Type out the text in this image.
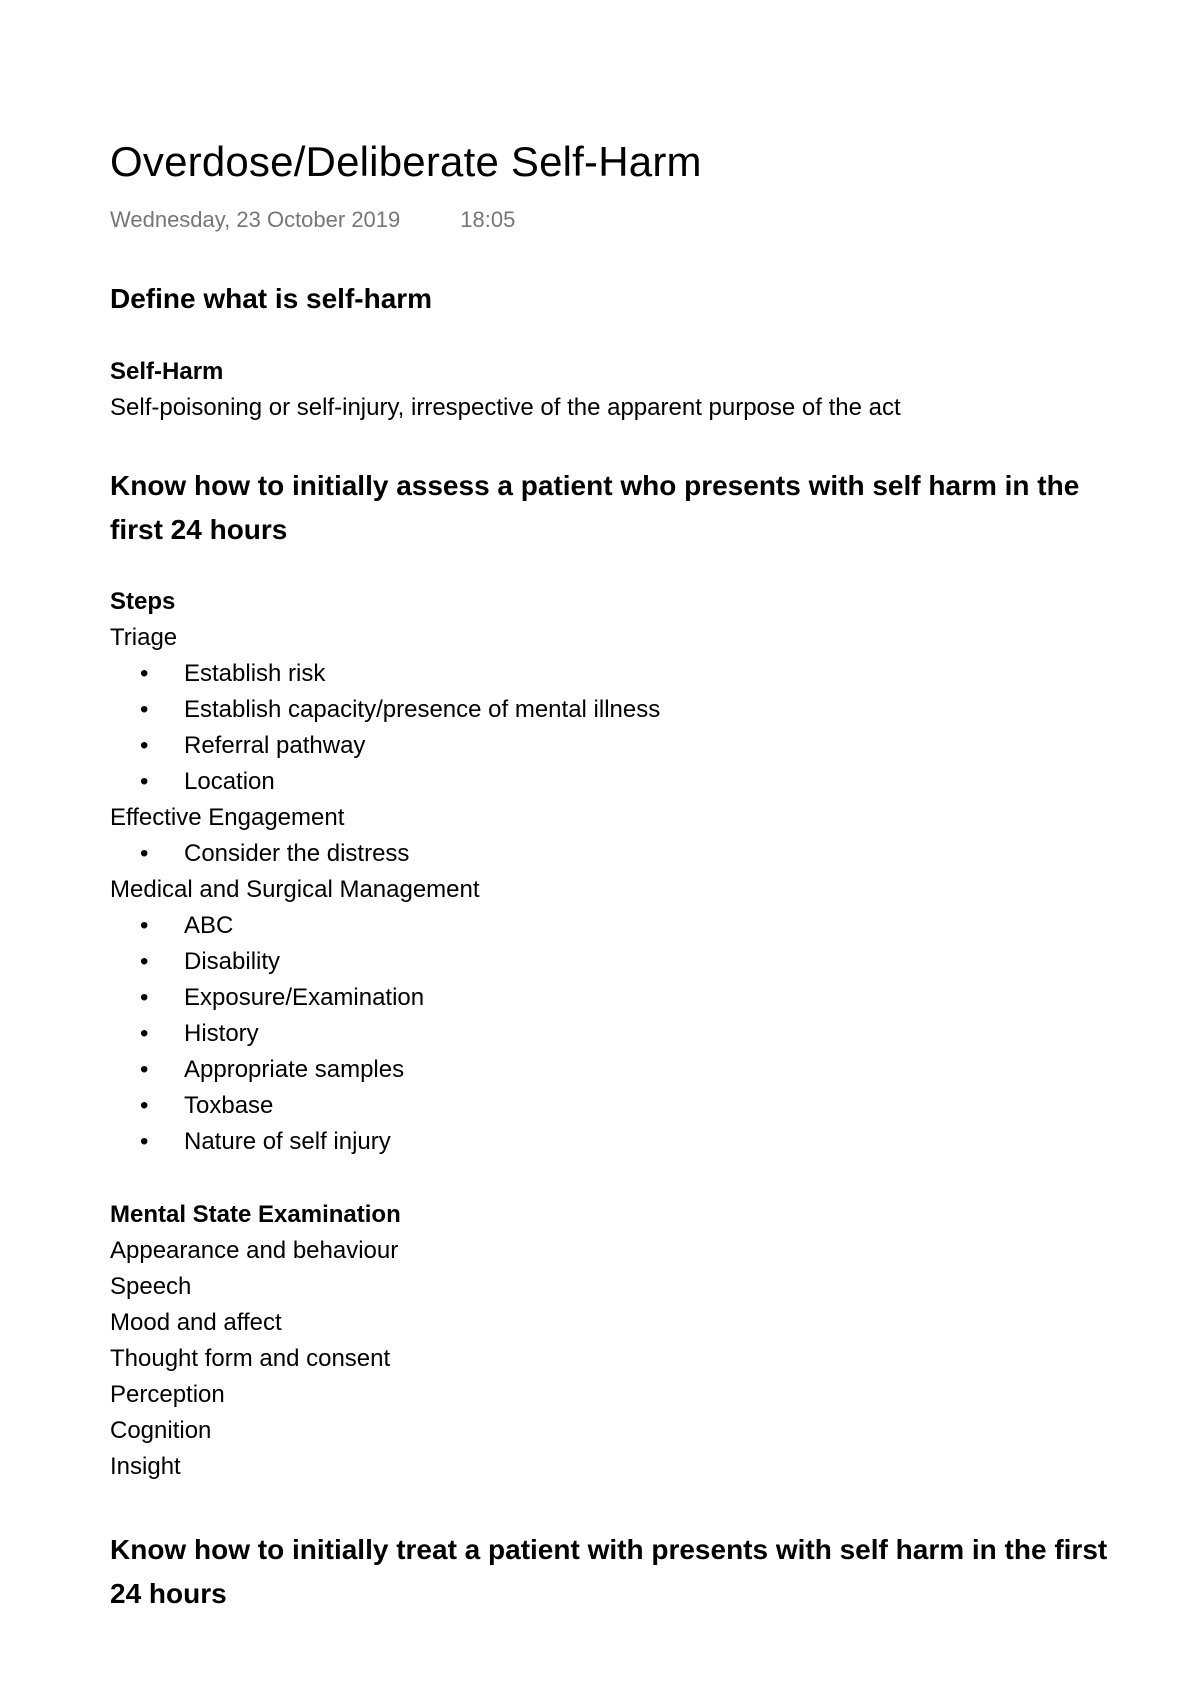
Overdose/Deliberate Self-Harm
Wednesday, 23 October 2019	18:05
Define what is self-harm
Self-Harm
Self-poisoning or self-injury, irrespective of the apparent purpose of the act
Know how to initially assess a patient who presents with self harm in the first 24 hours
Steps
Triage
• Establish risk
• Establish capacity/presence of mental illness
• Referral pathway
• Location
Effective Engagement
• Consider the distress
Medical and Surgical Management
• ABC
• Disability
• Exposure/Examination
• History
• Appropriate samples
• Toxbase
• Nature of self injury
Mental State Examination
Appearance and behaviour
Speech
Mood and affect
Thought form and consent
Perception
Cognition
Insight
Know how to initially treat a patient with presents with self harm in the first 24 hours
